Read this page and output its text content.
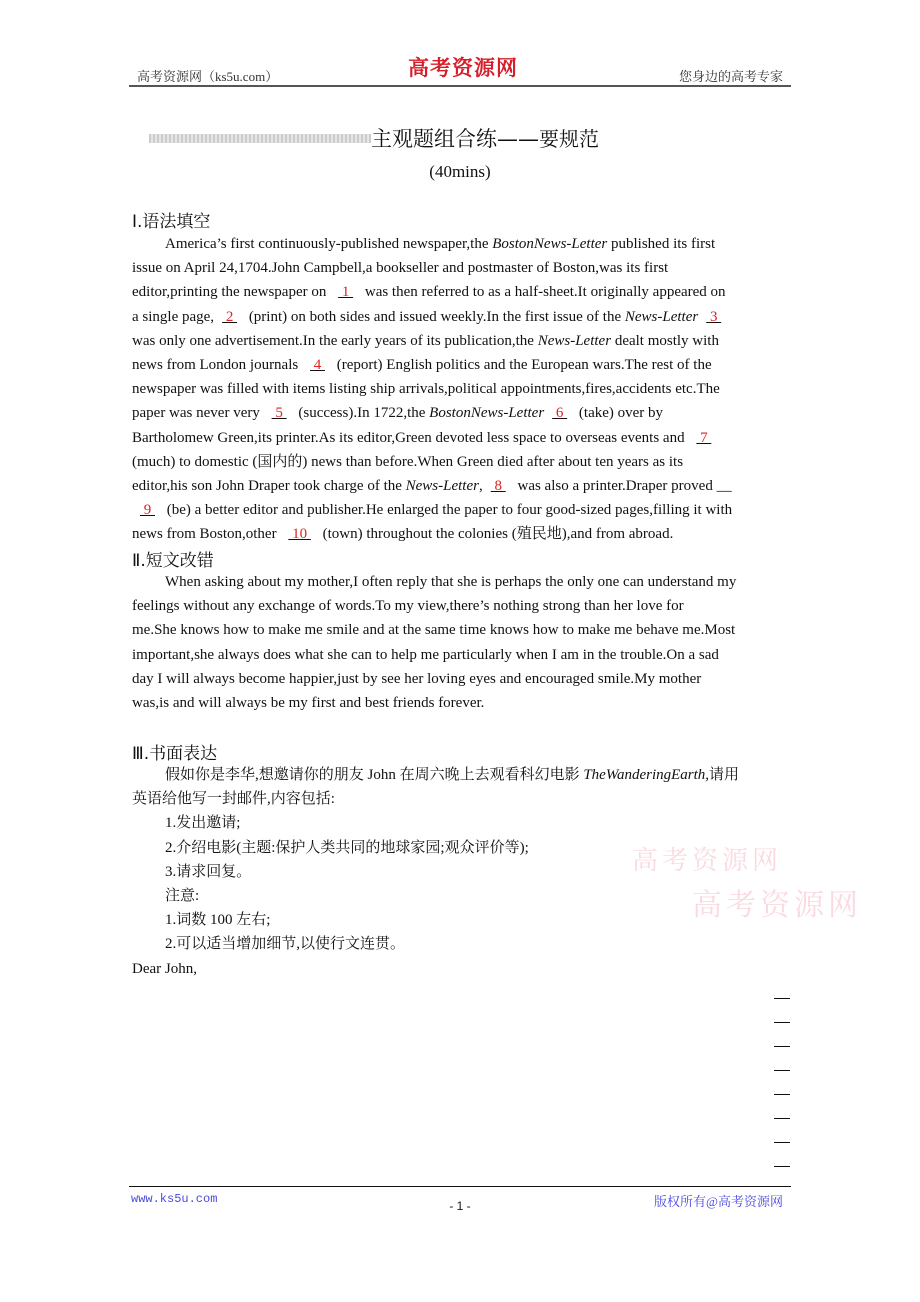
高考资源网（ks5u.com）	高考资源网	您身边的高考专家
主观题组合练——要规范
(40mins)
Ⅰ.语法填空
America’s first continuously-published newspaper,the BostonNews-Letter published its first
issue on April 24,1704.John Campbell,a bookseller and postmaster of Boston,was its first
editor,printing the newspaper on  1  was then referred to as a half-sheet.It originally appeared on
a single page, 2  (print) on both sides and issued weekly.In the first issue of the News-Letter 3
was only one advertisement.In the early years of its publication,the News-Letter dealt mostly with
news from London journals  4  (report) English politics and the European wars.The rest of the
newspaper was filled with items listing ship arrivals,political appointments,fires,accidents etc.The
paper was never very  5  (success).In 1722,the BostonNews-Letter 6  (take) over by
Bartholomew Green,its printer.As its editor,Green devoted less space to overseas events and  7
(much) to domestic (国内的) news than before.When Green died after about ten years as its
editor,his son John Draper took charge of the News-Letter, 8  was also a printer.Draper proved __
9  (be) a better editor and publisher.He enlarged the paper to four good-sized pages,filling it with
news from Boston,other  10  (town) throughout the colonies (殖民地),and from abroad.
Ⅱ.短文改错
When asking about my mother,I often reply that she is perhaps the only one can understand my
feelings without any exchange of words.To my view,there’s nothing strong than her love for
me.She knows how to make me smile and at the same time knows how to make me behave me.Most
important,she always does what she can to help me particularly when I am in the trouble.On a sad
day I will always become happier,just by see her loving eyes and encouraged smile.My mother
was,is and will always be my first and best friends forever.
Ⅲ.书面表达
假如你是李华,想邀请你的朋友 John 在周六晚上去观看科幻电影 TheWanderingEarth,请用
英语给他写一封邮件,内容包括:
1.发出邀请;
2.介绍电影(主题:保护人类共同的地球家园;观众评价等);
3.请求回复。
注意:
1.词数 100 左右;
2.可以适当增加细节,以使行文连贯。
Dear John,
高考资源网
高考资源网
www.ks5u.com	- 1 -	版权所有@高考资源网
